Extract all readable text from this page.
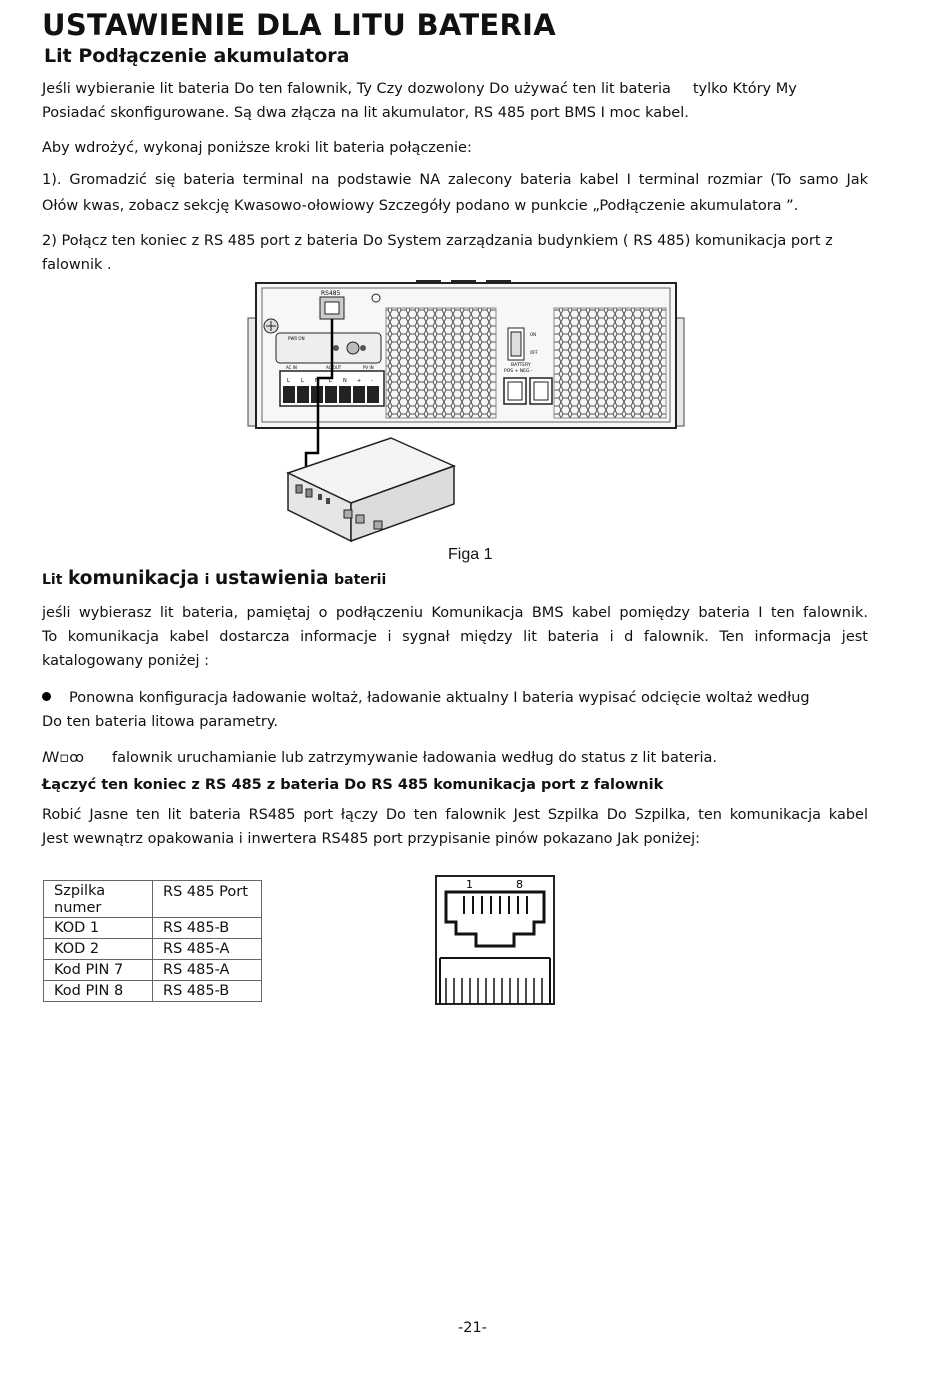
USTAWIENIE DLA LITU BATERIA
Lit Podłączenie akumulatora

Jeśli wybieranie lit bateria Do ten falownik, Ty Czy dozwolony Do używać ten lit bateria tylko Który My

Posiadać skonfigurowane. Są dwa złącza na lit akumulator, RS 485 port BMS I moc kabel.

Aby wdrożyć, wykonaj poniższe kroki lit bateria połączenie:

1). Gromadzić się bateria terminal na podstawie NA zalecony bateria kabel I terminal rozmiar (To samo Jak

Ołów kwas, zobacz sekcję Kwasowo-ołowiowy Szczegóły podano w punkcie „Podłączenie akumulatora ”.

2) Połącz ten koniec z RS 485 port z bateria Do System zarządzania budynkiem ( RS 485) komunikacja port z

falownik .

RS485
PWR ON
AC IN	AC OUT	PV IN
L L N L N + -
ON
OFF
BATTERY
POS + NEG -
Figa 1
Lit komunikacja i ustawienia baterii

jeśli wybierasz lit bateria, pamiętaj o podłączeniu Komunikacja BMS kabel pomiędzy bateria I ten falownik.

To komunikacja kabel dostarcza informacje i sygnał między lit bateria i d falownik. Ten informacja jest

katalogowany poniżej :

Ponowna konfiguracja ładowanie woltaż, ładowanie aktualny I bateria wypisać odcięcie woltaż według

Do ten bateria litowa parametry.

ꟿ▫ꝏ falownik uruchamianie lub zatrzymywanie ładowania według do status z lit bateria.
Łączyć ten koniec z RS 485 z bateria Do RS 485 komunikacja port z falownik

Robić Jasne ten lit bateria RS485 port łączy Do ten falownik Jest Szpilka Do Szpilka, ten komunikacja kabel

Jest wewnątrz opakowania i inwertera RS485 port przypisanie pinów pokazano Jak poniżej:

Szpilka numer	RS 485 Port
KOD 1	RS 485-B
KOD 2	RS 485-A
Kod PIN 7	RS 485-A
Kod PIN 8	RS 485-B
1	8
-21-
